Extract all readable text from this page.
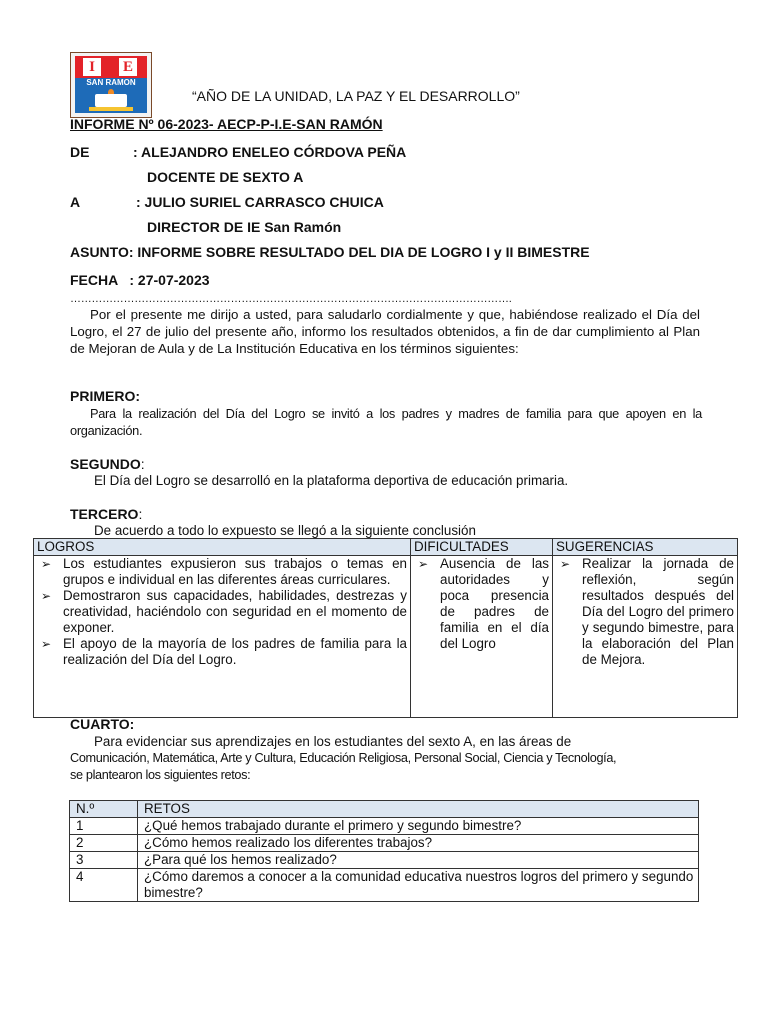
I	E
SAN RAMON
“AÑO DE LA UNIDAD, LA PAZ Y EL DESARROLLO”
INFORME Nº 06-2023- AECP-P-I.E-SAN RAMÓN
DE	: ALEJANDRO ENELEO CÓRDOVA PEÑA
DOCENTE DE SEXTO A
A	: JULIO SURIEL CARRASCO CHUICA
DIRECTOR DE IE San Ramón
ASUNTO: INFORME SOBRE RESULTADO DEL DIA DE LOGRO I y II BIMESTRE
FECHA   : 27-07-2023
…………………………………………………………………………………………………………….
Por el presente me dirijo a usted, para saludarlo cordialmente y que, habiéndose realizado el Día del Logro, el 27 de julio del presente año, informo los resultados obtenidos, a fin de dar cumplimiento al Plan de Mejoran de Aula y de La Institución Educativa en los términos siguientes:
PRIMERO:
Para la realización del Día del Logro se invitó a los padres y madres de familia para que apoyen en la organización.
SEGUNDO:
El Día del Logro se desarrolló en la plataforma deportiva de educación primaria.
TERCERO:
De acuerdo a todo lo expuesto se llegó a la siguiente conclusión
LOGROS	DIFICULTADES	SUGERENCIAS

➢ Los estudiantes expusieron sus trabajos o temas en grupos e individual en las diferentes áreas curriculares.
➢ Demostraron sus capacidades, habilidades, destrezas y creatividad, haciéndolo con seguridad en el momento de exponer.
➢ El apoyo de la mayoría de los padres de familia para la realización del Día del Logro.	➢ Ausencia de las autoridades y poca presencia de padres de familia en el día del Logro	➢ Realizar la jornada de reflexión, según resultados después del Día del Logro del primero y segundo bimestre, para la elaboración del Plan de Mejora.
CUARTO:
Para evidenciar sus aprendizajes en los estudiantes del sexto A, en las áreas de
Comunicación, Matemática, Arte y Cultura, Educación Religiosa, Personal Social, Ciencia y Tecnología,
se plantearon los siguientes retos:
N.º	RETOS
1	¿Qué hemos trabajado durante el primero y segundo bimestre?
2	¿Cómo hemos realizado los diferentes trabajos?
3	¿Para qué los hemos realizado?
4	¿Cómo daremos a conocer a la comunidad educativa nuestros logros del primero y segundo bimestre?
